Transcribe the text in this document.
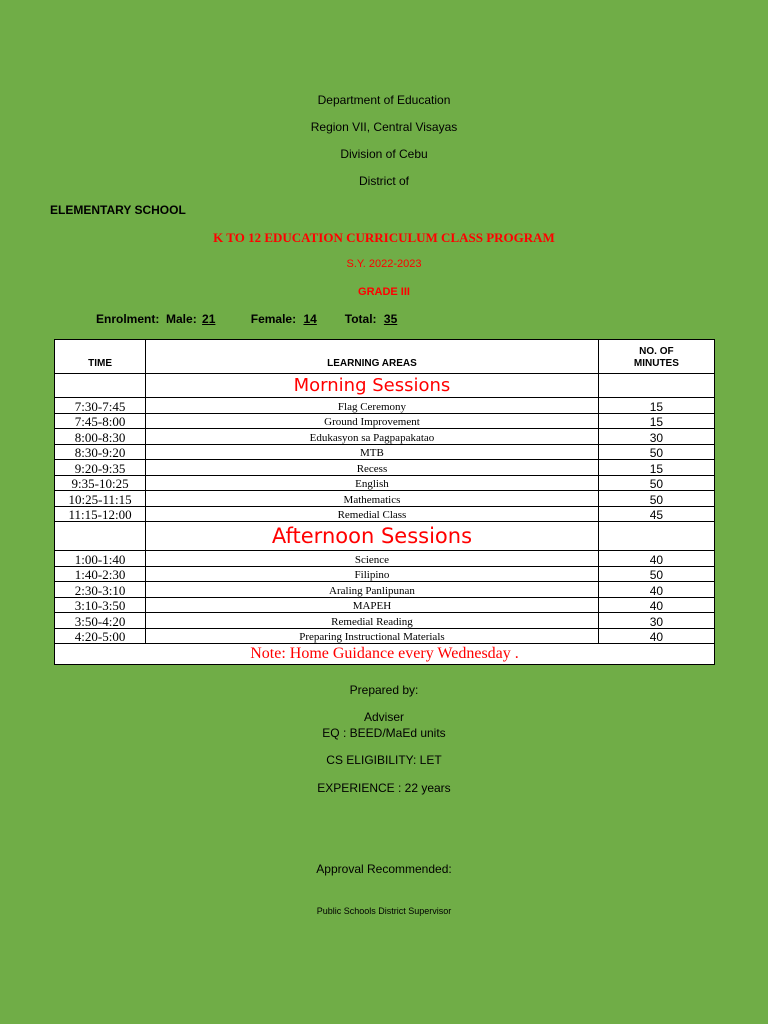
Department of Education
Region VII, Central Visayas
Division of Cebu
District of
ELEMENTARY SCHOOL
K TO 12 EDUCATION CURRICULUM CLASS PROGRAM
S.Y. 2022-2023
GRADE III
Enrolment: Male: 21	Female: 14 Total: 35
TIME	LEARNING AREAS	NO. OF
MINUTES

	Morning Sessions	
7:30-7:45	Flag Ceremony	15
7:45-8:00	Ground Improvement	15
8:00-8:30	Edukasyon sa Pagpapakatao	30
8:30-9:20	MTB	50
9:20-9:35	Recess	15
9:35-10:25	English	50
10:25-11:15	Mathematics	50
11:15-12:00	Remedial Class	45
	Afternoon Sessions	
1:00-1:40	Science	40
1:40-2:30	Filipino	50
2:30-3:10	Araling Panlipunan	40
3:10-3:50	MAPEH	40
3:50-4:20	Remedial Reading	30
4:20-5:00	Preparing Instructional Materials	40
Note: Home Guidance every Wednesday .		
Prepared by:
Adviser
EQ : BEED/MaEd units
CS ELIGIBILITY: LET
EXPERIENCE : 22 years
Approval Recommended:
Public Schools District Supervisor
